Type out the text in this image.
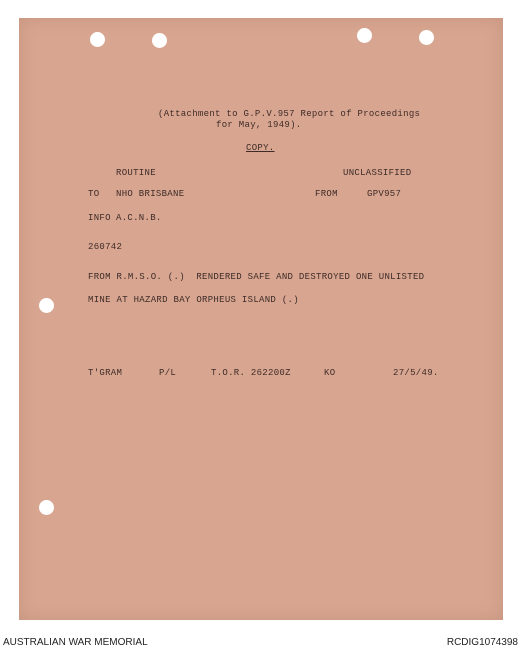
(Attachment to G.P.V.957 Report of Proceedings

for May, 1949).

COPY.

ROUTINE	UNCLASSIFIED

TO NHO BRISBANE	FROM	GPV957

INFO A.C.N.B.

260742

FROM R.M.S.O. (.)  RENDERED SAFE AND DESTROYED ONE UNLISTED

MINE AT HAZARD BAY ORPHEUS ISLAND (.)

T'GRAM	P/L	T.O.R. 262200Z	KO	27/5/49.

AUSTRALIAN WAR MEMORIAL	RCDIG1074398
